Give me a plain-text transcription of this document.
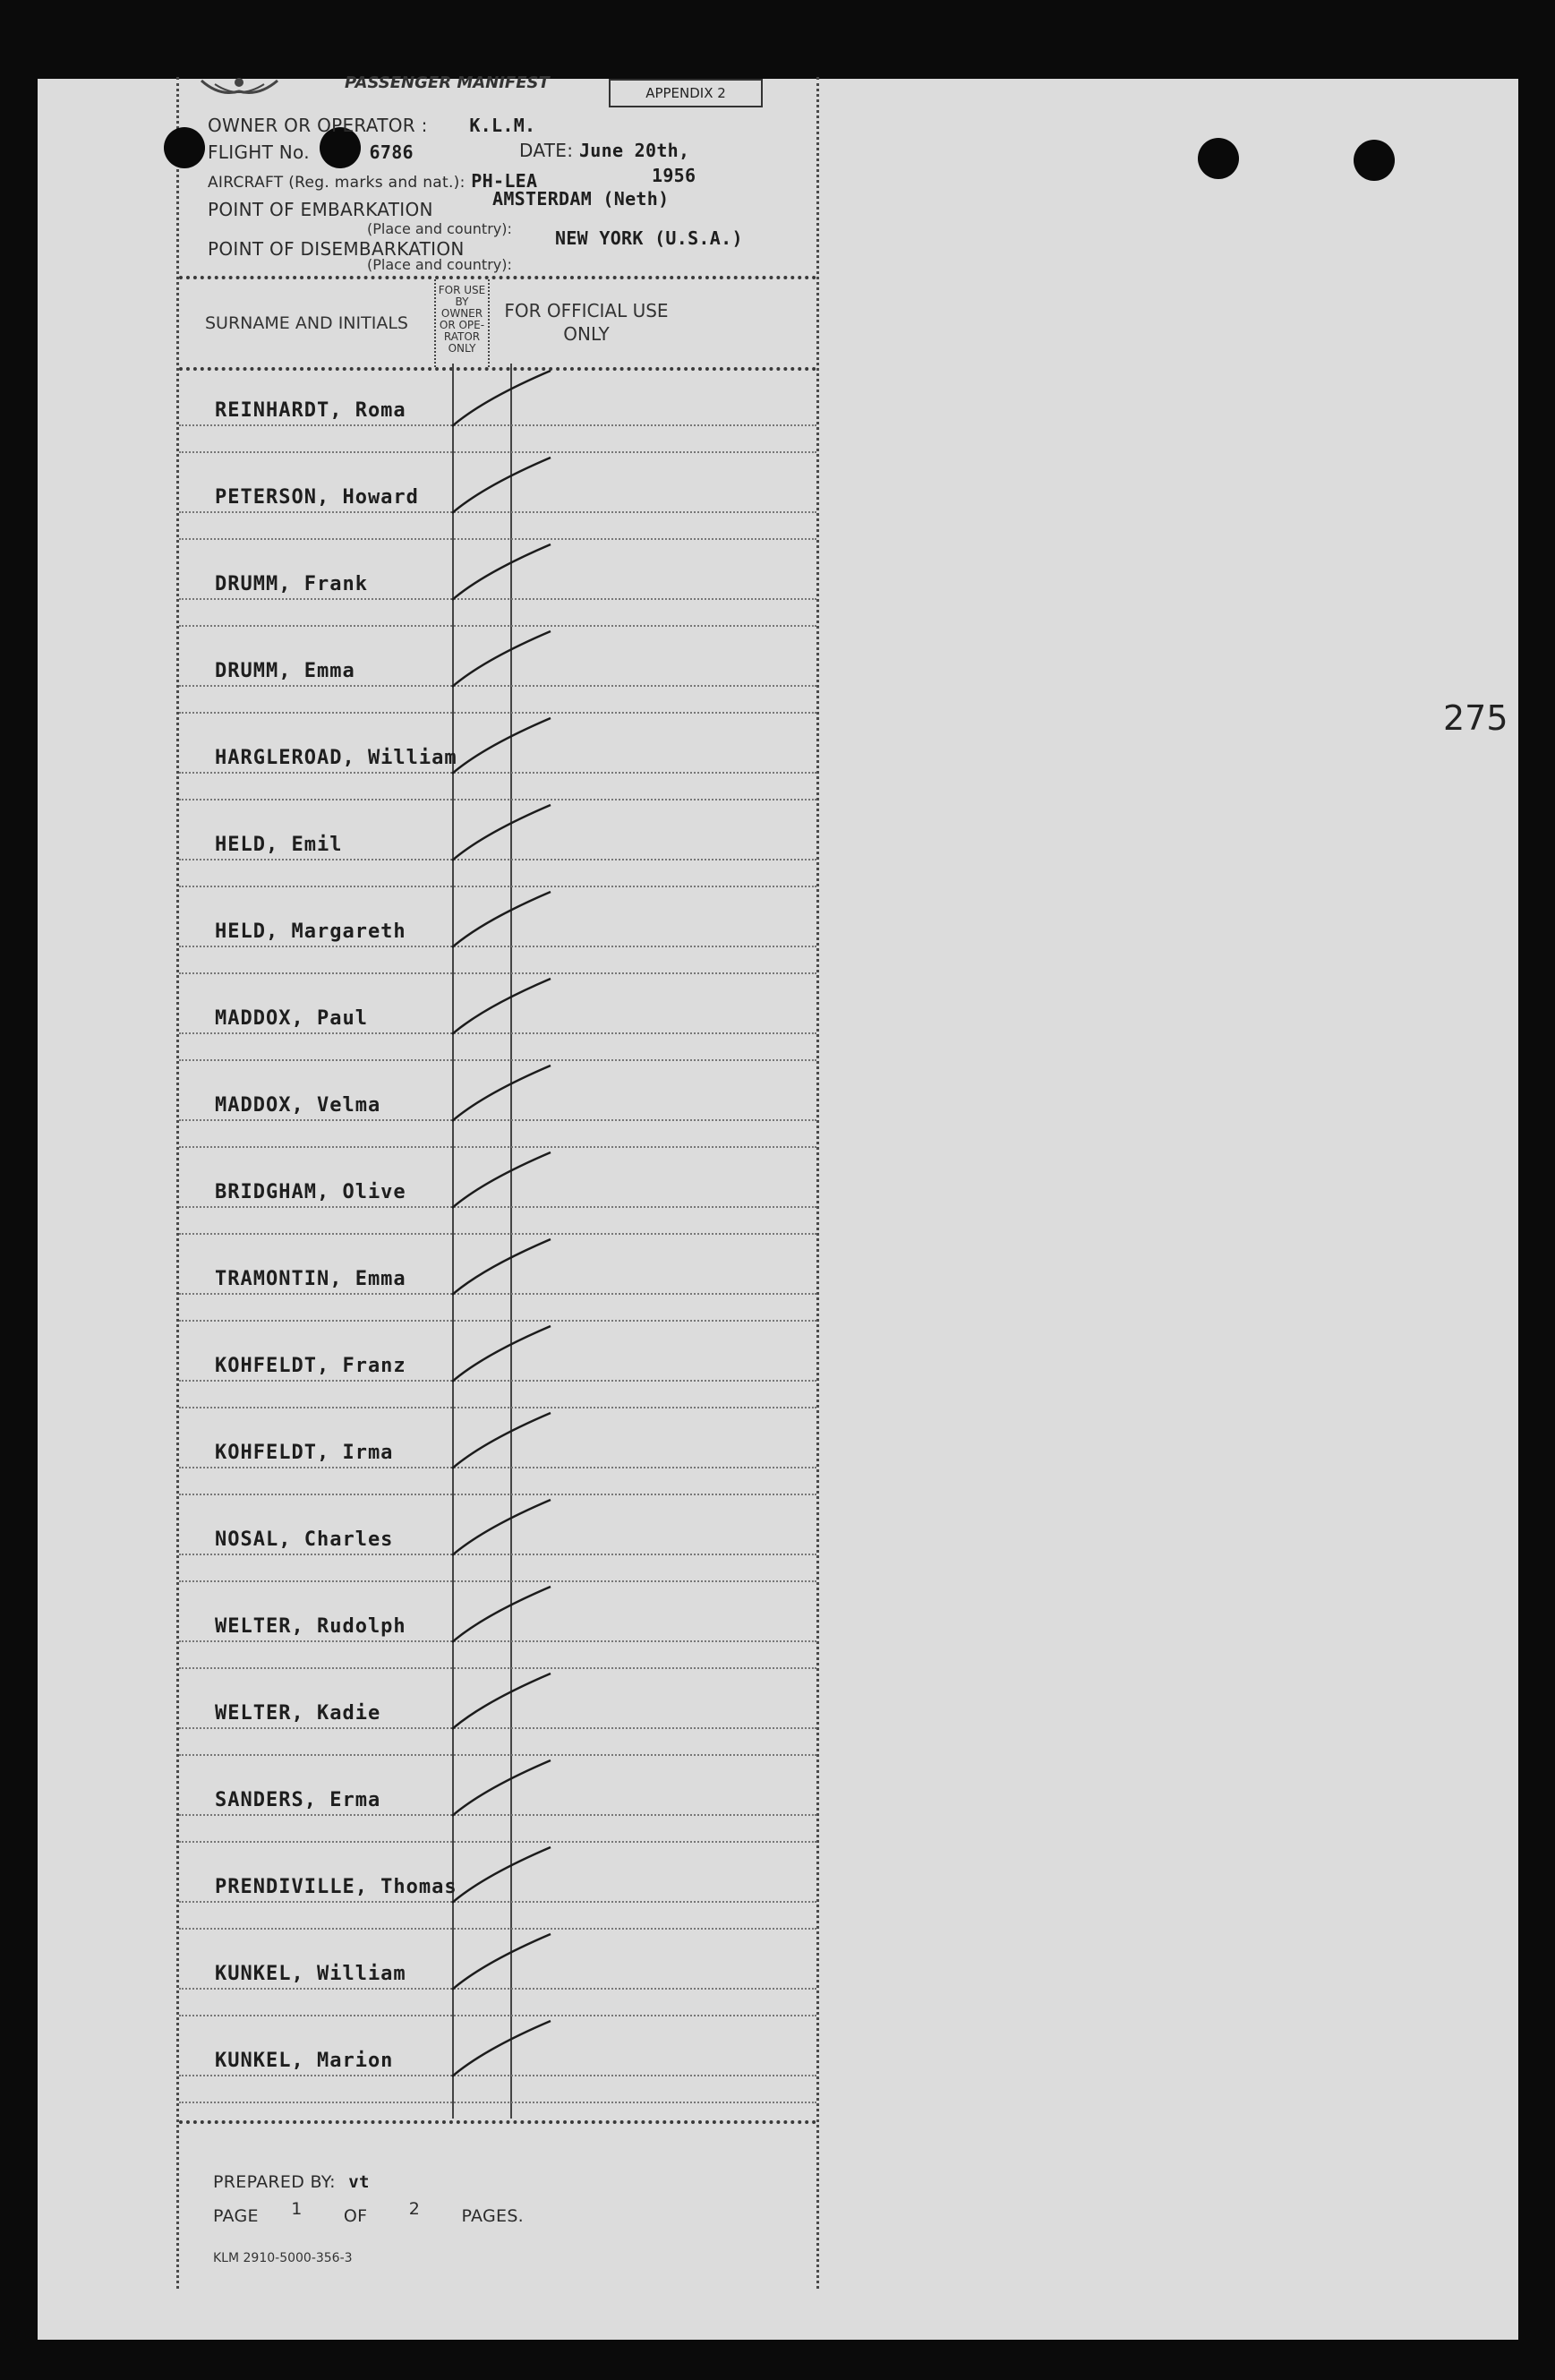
275
PASSENGER MANIFEST
APPENDIX 2
OWNER OR OPERATOR : K.L.M.
FLIGHT No.	6786	DATE: June 20th,
AIRCRAFT (Reg. marks and nat.): PH-LEA	1956
POINT OF EMBARKATION	AMSTERDAM (Neth)
(Place and country):
POINT OF DISEMBARKATION	NEW YORK (U.S.A.)
(Place and country):
SURNAME AND INITIALS
FOR USE
BY
OWNER
OR OPE-
RATOR
ONLY
FOR OFFICIAL USE
ONLY
REINHARDT, Roma
PETERSON, Howard
DRUMM, Frank
DRUMM, Emma
HARGLEROAD, William
HELD, Emil
HELD, Margareth
MADDOX, Paul
MADDOX, Velma
BRIDGHAM, Olive
TRAMONTIN, Emma
KOHFELDT, Franz
KOHFELDT, Irma
NOSAL, Charles
WELTER, Rudolph
WELTER, Kadie
SANDERS, Erma
PRENDIVILLE, Thomas
KUNKEL, William
KUNKEL, Marion
PREPARED BY: vt
PAGE 1 OF 2 PAGES.
KLM 2910-5000-356-3
